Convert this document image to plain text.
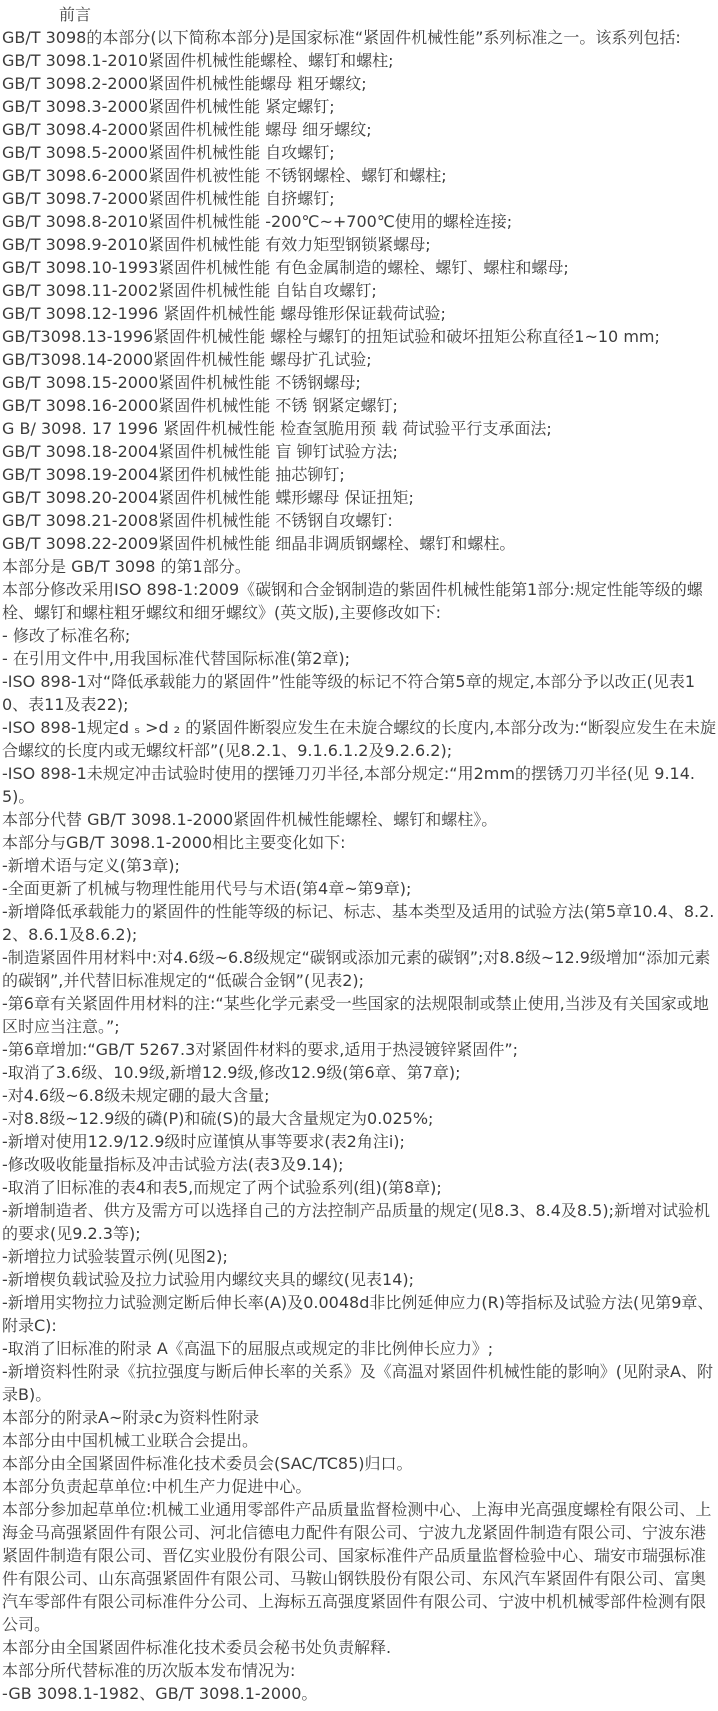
前言

GB/T 3098的本部分(以下简称本部分)是国家标准“紧固件机械性能”系列标准之一。该系列包括:

GB/T 3098.1-2010紧固件机械性能螺栓、螺钉和螺柱;

GB/T 3098.2-2000紧固件机械性能螺母 粗牙螺纹;

GB/T 3098.3-2000紧固件机械性能 紧定螺钉;

GB/T 3098.4-2000紧固件机械性能 螺母 细牙螺纹;

GB/T 3098.5-2000紧固件机械性能 自攻螺钉;

GB/T 3098.6-2000紧固件机被性能 不锈钢螺栓、螺钉和螺柱;

GB/T 3098.7-2000紧固件机械性能 自挤螺钉;

GB/T 3098.8-2010紧固件机械性能 -200℃~+700℃使用的螺栓连接;

GB/T 3098.9-2010紧固件机械性能 有效力矩型钢锁紧螺母;

GB/T 3098.10-1993紧固件机械性能 有色金属制造的螺栓、螺钉、螺柱和螺母;

GB/T 3098.11-2002紧固件机械性能 自钻自攻螺钉;

GB/T 3098.12-1996 紧固件机械性能 螺母锥形保证载荷试验;

GB/T3098.13-1996紧固件机械性能 螺栓与螺钉的扭矩试验和破坏扭矩公称直径1~10 mm;

GB/T3098.14-2000紧固件机械性能 螺母扩孔试验;

GB/T 3098.15-2000紧固件机械性能 不锈钢螺母;

GB/T 3098.16-2000紧固件机械性能 不锈 钢紧定螺钉;

G B/ 3098. 17 1996 紧固件机械性能 检查氢脆用预 载 荷试验平行支承面法;

GB/T 3098.18-2004紧固件机械性能 盲 铆钉试验方法;

GB/T 3098.19-2004紧团件机械性能 抽芯铆钉;

GB/T 3098.20-2004紧固件机械性能 蝶形螺母 保证扭矩;

GB/T 3098.21-2008紧固件机械性能 不锈钢自攻螺钉:

GB/T 3098.22-2009紧固件机械性能 细晶非调质钢螺栓、螺钉和螺柱。

本部分是 GB/T 3098 的第1部分。

本部分修改采用ISO 898-1:2009《碳钢和合金钢制造的紫固件机械性能第1部分:规定性能等级的螺栓、螺钉和螺柱粗牙螺纹和细牙螺纹》(英文版),主要修改如下:

- 修改了标准名称;

- 在引用文件中,用我国标准代替国际标准(第2章);

-ISO 898-1对“降低承载能力的紧固件”性能等级的标记不符合第5章的规定,本部分予以改正(见表10、表11及表22);

-ISO 898-1规定d ₛ >d ₂ 的紧固件断裂应发生在未旋合螺纹的长度内,本部分改为:“断裂应发生在未旋合螺纹的长度内或无螺纹杆部”(见8.2.1、9.1.6.1.2及9.2.6.2);

-ISO 898-1未规定冲击试验时使用的摆锤刀刃半径,本部分规定:“用2mm的摆锈刀刃半径(见 9.14.5)。

本部分代替 GB/T 3098.1-2000紧固件机械性能螺栓、螺钉和螺柱》。

本部分与GB/T 3098.1-2000相比主要变化如下:

-新增术语与定义(第3章);

-全面更新了机械与物理性能用代号与术语(第4章~第9章);

-新增降低承载能力的紧固件的性能等级的标记、标志、基本类型及适用的试验方法(第5章10.4、8.2.2、8.6.1及8.6.2);

-制造紧固件用材料中:对4.6级~6.8级规定“碳钢或添加元素的碳钢”;对8.8级~12.9级增加“添加元素的碳钢”,并代替旧标准规定的“低碳合金钢”(见表2);

-第6章有关紧固件用材料的注:“某些化学元素受一些国家的法规限制或禁止使用,当涉及有关国家或地区时应当注意。”;

-第6章增加:“GB/T 5267.3对紧固件材料的要求,适用于热浸镀锌紧固件”;

-取消了3.6级、10.9级,新增12.9级,修改12.9级(第6章、第7章);

-对4.6级~6.8级未规定硼的最大含量;

-对8.8级~12.9级的磷(P)和硫(S)的最大含量规定为0.025%;

-新增对使用12.9/12.9级时应谨慎从事等要求(表2角注i);

-修改吸收能量指标及冲击试验方法(表3及9.14);

-取消了旧标准的表4和表5,而规定了两个试验系列(组)(第8章);

-新增制造者、供方及需方可以选择自己的方法控制产品质量的规定(见8.3、8.4及8.5);新增对试验机的要求(见9.2.3等);

-新增拉力试验装置示例(见图2);

-新增楔负载试验及拉力试验用内螺纹夹具的螺纹(见表14);

-新增用实物拉力试验测定断后伸长率(A)及0.0048d非比例延伸应力(R)等指标及试验方法(见第9章、附录C):

-取消了旧标准的附录 A《高温下的屈服点或规定的非比例伸长应力》;

-新增资料性附录《抗拉强度与断后伸长率的关系》及《高温对紧固件机械性能的影响》(见附录A、附录B)。

本部分的附录A~附录c为资料性附录

本部分由中国机械工业联合会提出。

本部分由全国紧固件标准化技术委员会(SAC/TC85)归口。

本部分负责起草单位:中机生产力促进中心。

本部分参加起草单位:机械工业通用零部件产品质量监督检测中心、上海申光高强度螺栓有限公司、上海金马高强紧固件有限公司、河北信德电力配件有限公司、宁波九龙紧固件制造有限公司、宁波东港紧固件制造有限公司、晋亿实业股份有限公司、国家标准件产品质量监督检验中心、瑞安市瑞强标准件有限公司、山东高强紧固件有限公司、马鞍山钢铁股份有限公司、东风汽车紧固件有限公司、富奥汽车零部件有限公司标准件分公司、上海标五高强度紧固件有限公司、宁波中机机械零部件检测有限公司。

本部分由全国紧固件标准化技术委员会秘书处负责解释.

本部分所代替标准的历次版本发布情况为:

-GB 3098.1-1982、GB/T 3098.1-2000。
